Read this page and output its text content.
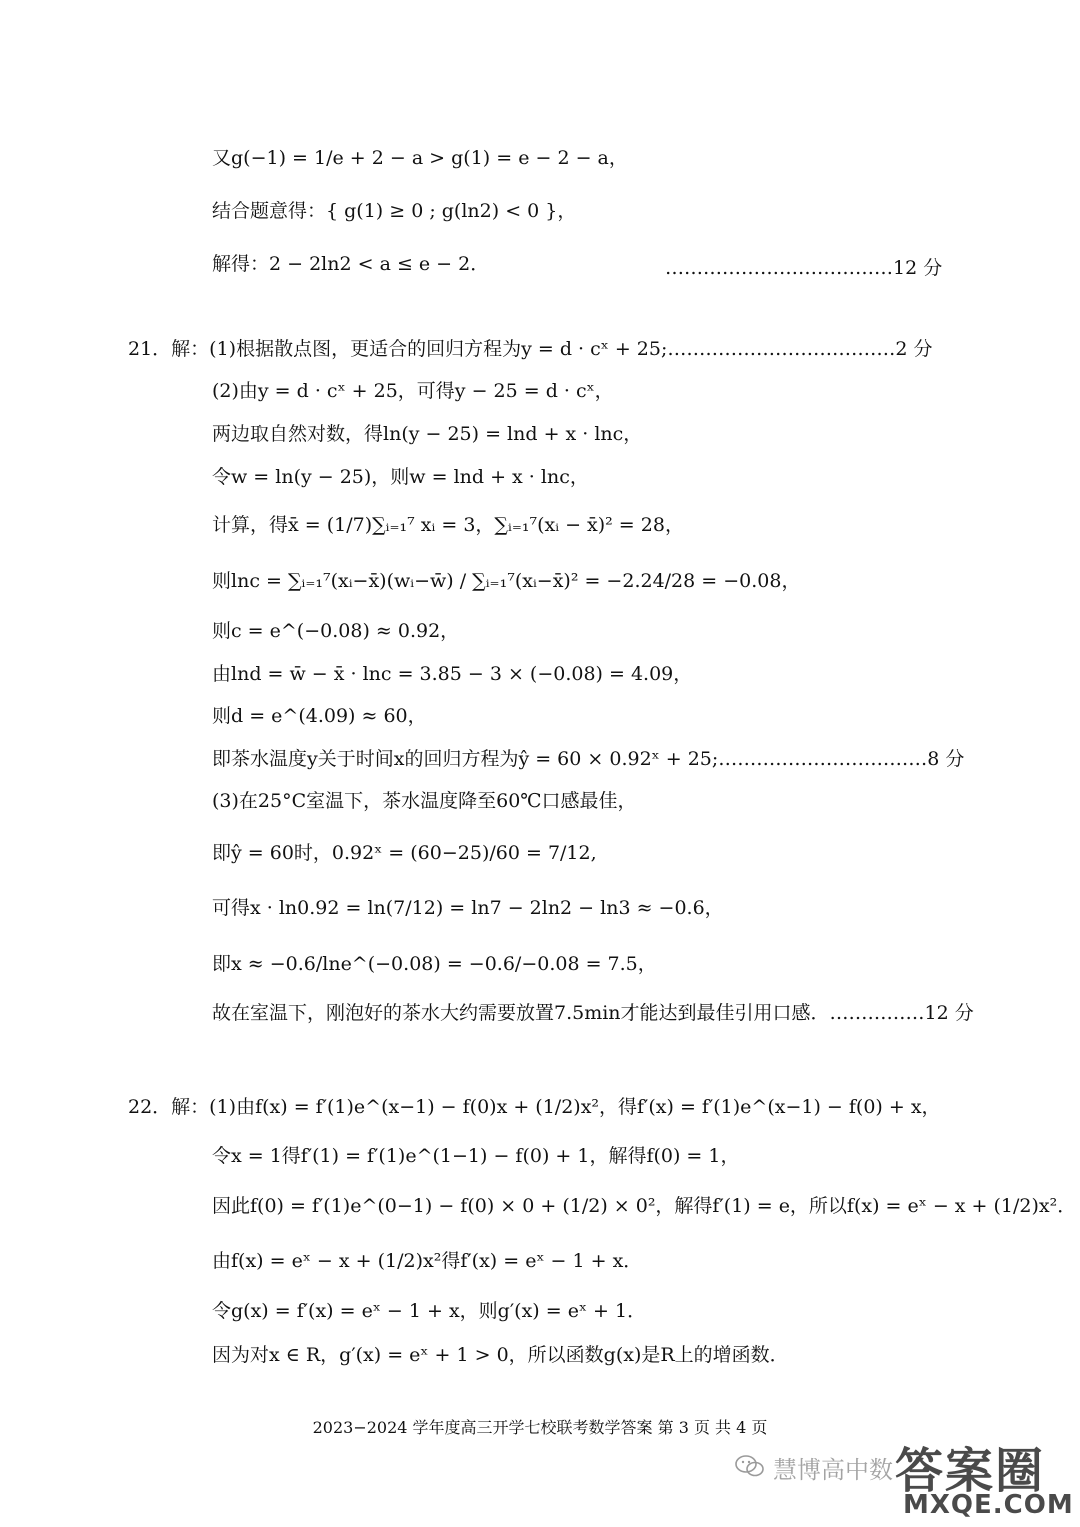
又g(−1) = 1/e + 2 − a > g(1) = e − 2 − a，
结合题意得：{ g(1) ≥ 0 ; g(ln2) < 0 }，
解得：2 − 2ln2 < a ≤ e − 2．	………………………………12 分
21．解：(1)根据散点图，更适合的回归方程为y = d · cˣ + 25;………………………………2 分
(2)由y = d · cˣ + 25，可得y − 25 = d · cˣ，
两边取自然对数，得ln(y − 25) = lnd + x · lnc，
令w = ln(y − 25)，则w = lnd + x · lnc，
计算，得x̄ = (1/7)∑ᵢ₌₁⁷ xᵢ = 3，∑ᵢ₌₁⁷(xᵢ − x̄)² = 28，
则lnc = ∑ᵢ₌₁⁷(xᵢ−x̄)(wᵢ−w̄) / ∑ᵢ₌₁⁷(xᵢ−x̄)² = −2.24/28 = −0.08，
则c = e^(−0.08) ≈ 0.92，
由lnd = w̄ − x̄ · lnc = 3.85 − 3 × (−0.08) = 4.09，
则d = e^(4.09) ≈ 60，
即茶水温度y关于时间x的回归方程为ŷ = 60 × 0.92ˣ + 25;……………………………8 分
(3)在25°C室温下，茶水温度降至60℃口感最佳，
即ŷ = 60时，0.92ˣ = (60−25)/60 = 7/12,
可得x · ln0.92 = ln(7/12) = ln7 − 2ln2 − ln3 ≈ −0.6，
即x ≈ −0.6/lne^(−0.08) = −0.6/−0.08 = 7.5，
故在室温下，刚泡好的茶水大约需要放置7.5min才能达到最佳引用口感．……………12 分
22．解：(1)由f(x) = f′(1)e^(x−1) − f(0)x + (1/2)x²，得f′(x) = f′(1)e^(x−1) − f(0) + x，
令x = 1得f′(1) = f′(1)e^(1−1) − f(0) + 1，解得f(0) = 1，
因此f(0) = f′(1)e^(0−1) − f(0) × 0 + (1/2) × 0²，解得f′(1) = e，所以f(x) = eˣ − x + (1/2)x²．
由f(x) = eˣ − x + (1/2)x²得f′(x) = eˣ − 1 + x．
令g(x) = f′(x) = eˣ − 1 + x，则g′(x) = eˣ + 1．
因为对x ∈ R，g′(x) = eˣ + 1 > 0，所以函数g(x)是R上的增函数．
2023−2024 学年度高三开学七校联考数学答案 第 3 页 共 4 页
慧博高中数 答案圈
MXQE.COM
